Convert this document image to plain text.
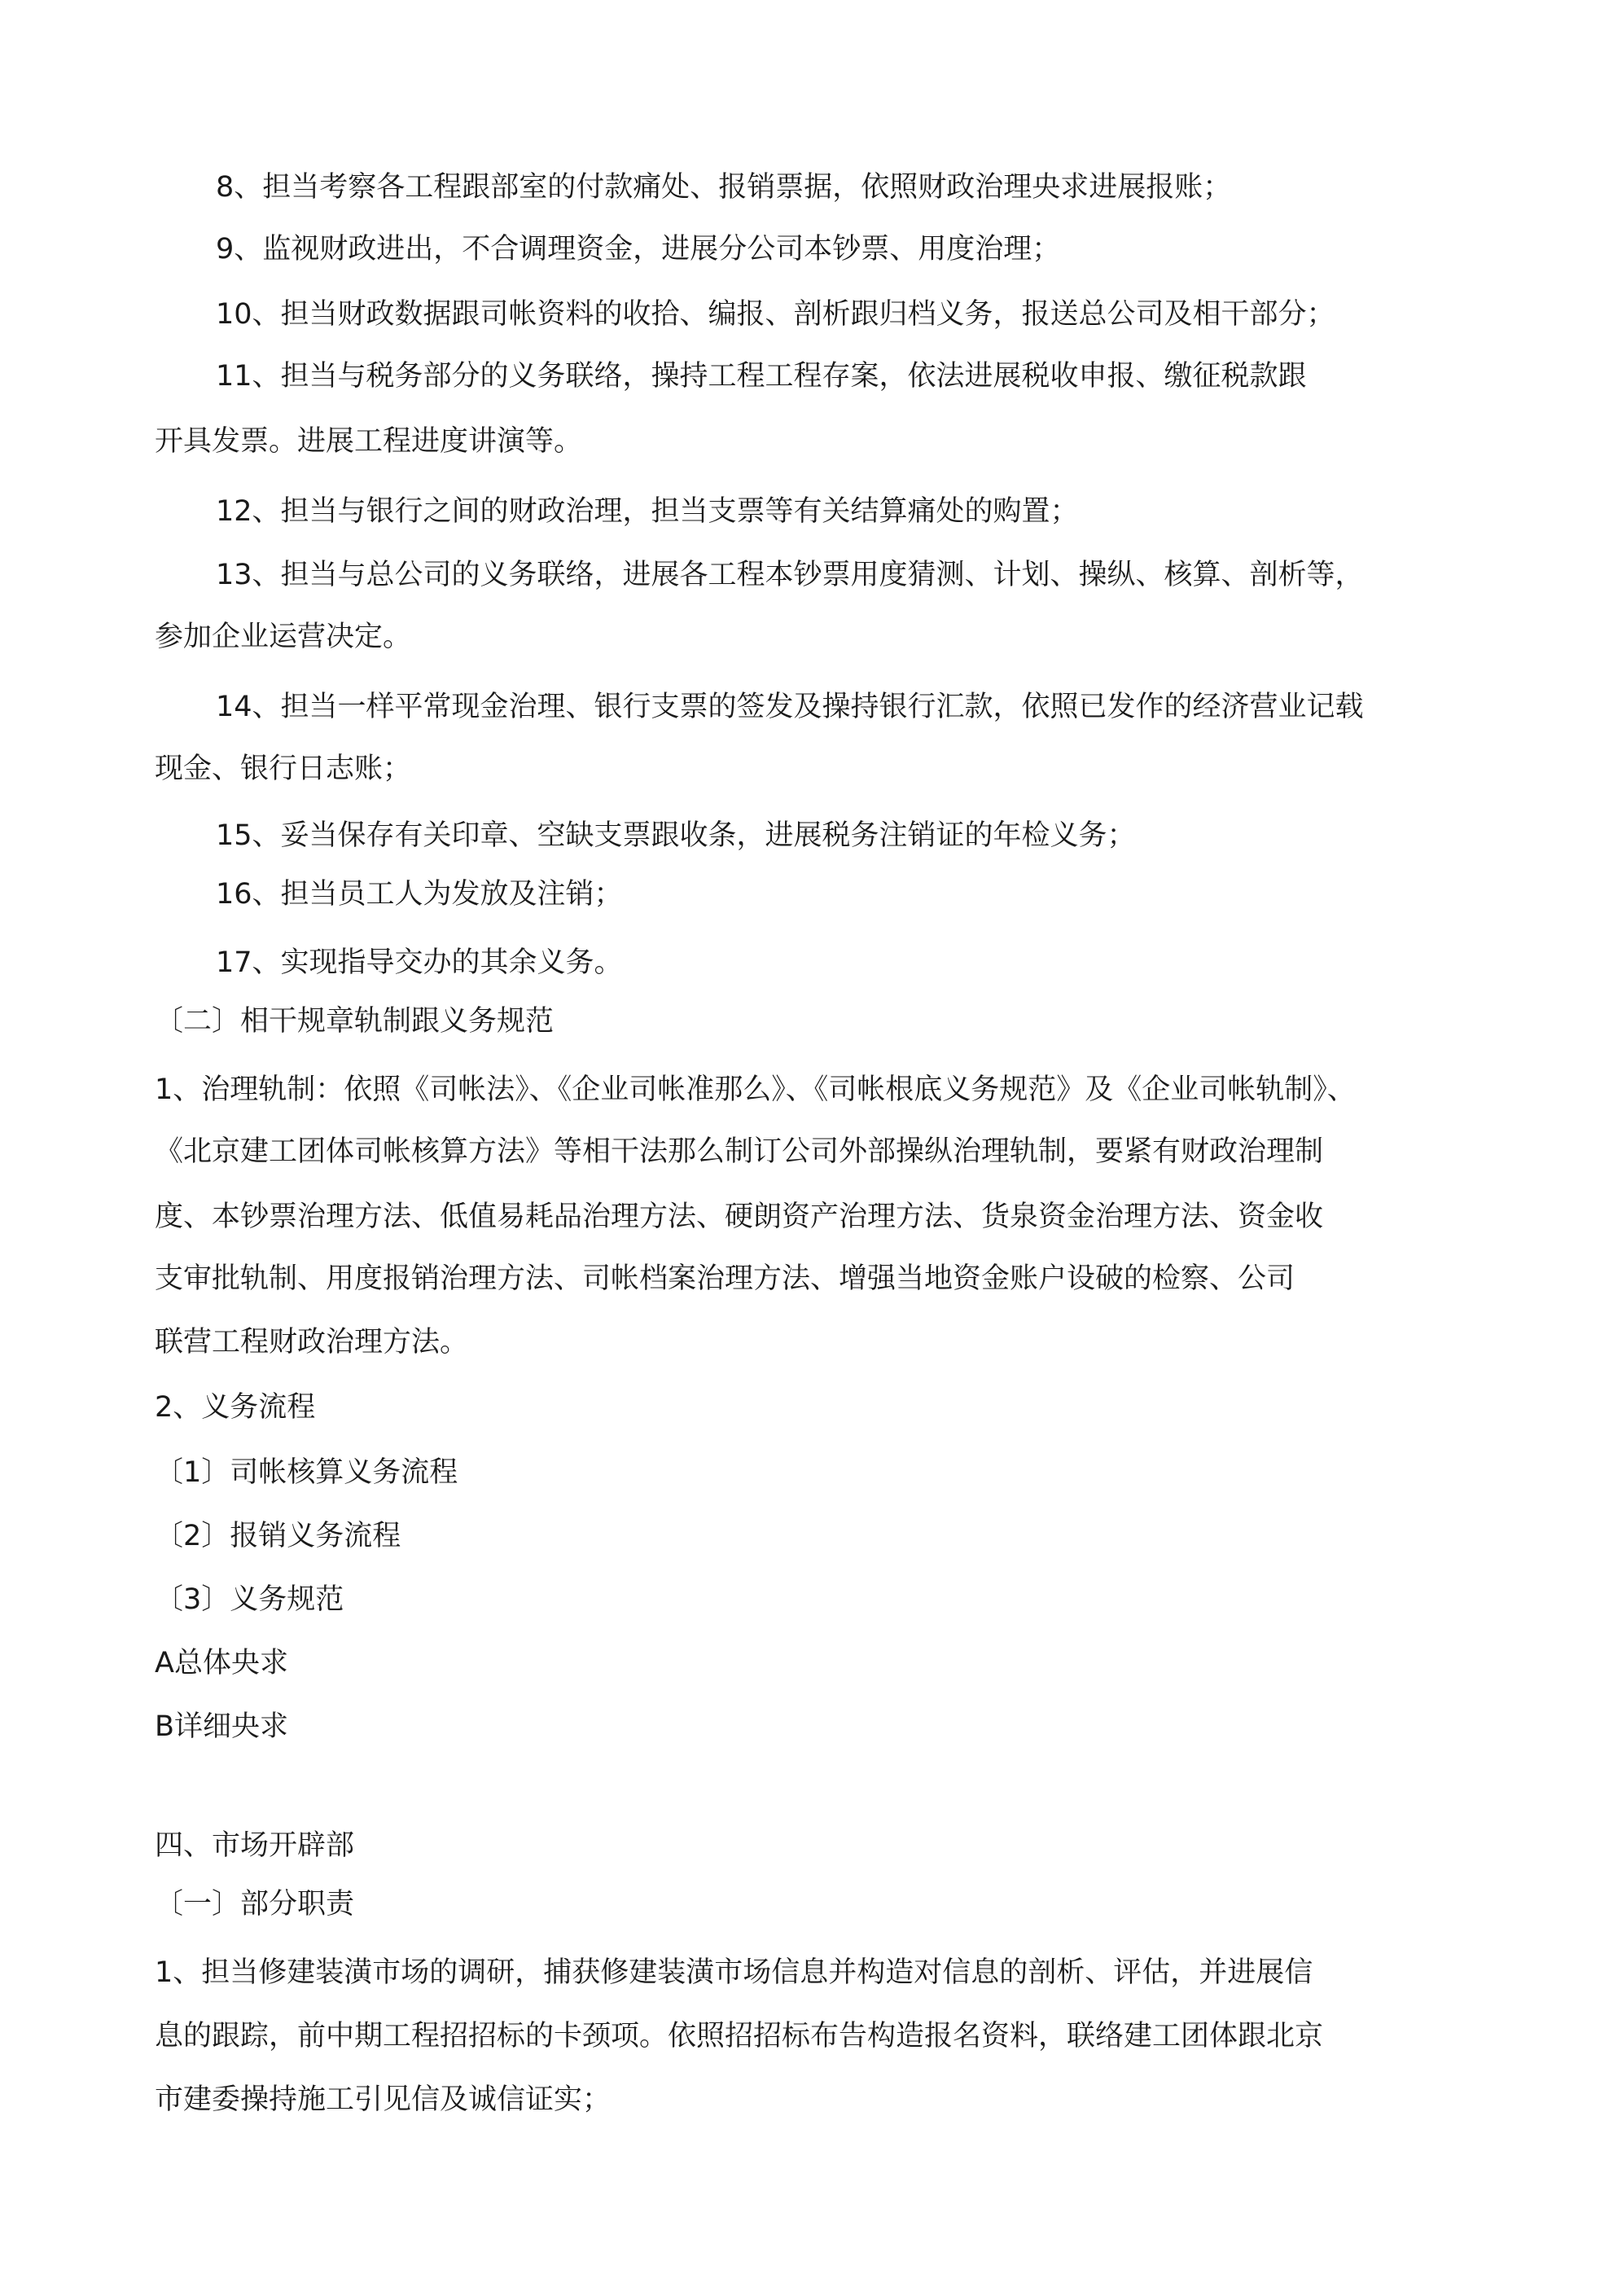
8、担当考察各工程跟部室的付款痛处、报销票据，依照财政治理央求进展报账；

9、监视财政进出，不合调理资金，进展分公司本钞票、用度治理；

10、担当财政数据跟司帐资料的收拾、编报、剖析跟归档义务，报送总公司及相干部分；

11、担当与税务部分的义务联络，操持工程工程存案，依法进展税收申报、缴征税款跟

开具发票。进展工程进度讲演等。

12、担当与银行之间的财政治理，担当支票等有关结算痛处的购置；

13、担当与总公司的义务联络，进展各工程本钞票用度猜测、计划、操纵、核算、剖析等，

参加企业运营决定。

14、担当一样平常现金治理、银行支票的签发及操持银行汇款，依照已发作的经济营业记载

现金、银行日志账；

15、妥当保存有关印章、空缺支票跟收条，进展税务注销证的年检义务；

16、担当员工人为发放及注销；

17、实现指导交办的其余义务。

〔二〕相干规章轨制跟义务规范

1、治理轨制：依照《司帐法》、《企业司帐准那么》、《司帐根底义务规范》及《企业司帐轨制》、

《北京建工团体司帐核算方法》等相干法那么制订公司外部操纵治理轨制，要紧有财政治理制

度、本钞票治理方法、低值易耗品治理方法、硬朗资产治理方法、货泉资金治理方法、资金收

支审批轨制、用度报销治理方法、司帐档案治理方法、增强当地资金账户设破的检察、公司

联营工程财政治理方法。

2、义务流程

〔1〕司帐核算义务流程

〔2〕报销义务流程

〔3〕义务规范

A总体央求

B详细央求

四、市场开辟部

〔一〕部分职责

1、担当修建装潢市场的调研，捕获修建装潢市场信息并构造对信息的剖析、评估，并进展信

息的跟踪，前中期工程招招标的卡颈项。依照招招标布告构造报名资料，联络建工团体跟北京

市建委操持施工引见信及诚信证实；
